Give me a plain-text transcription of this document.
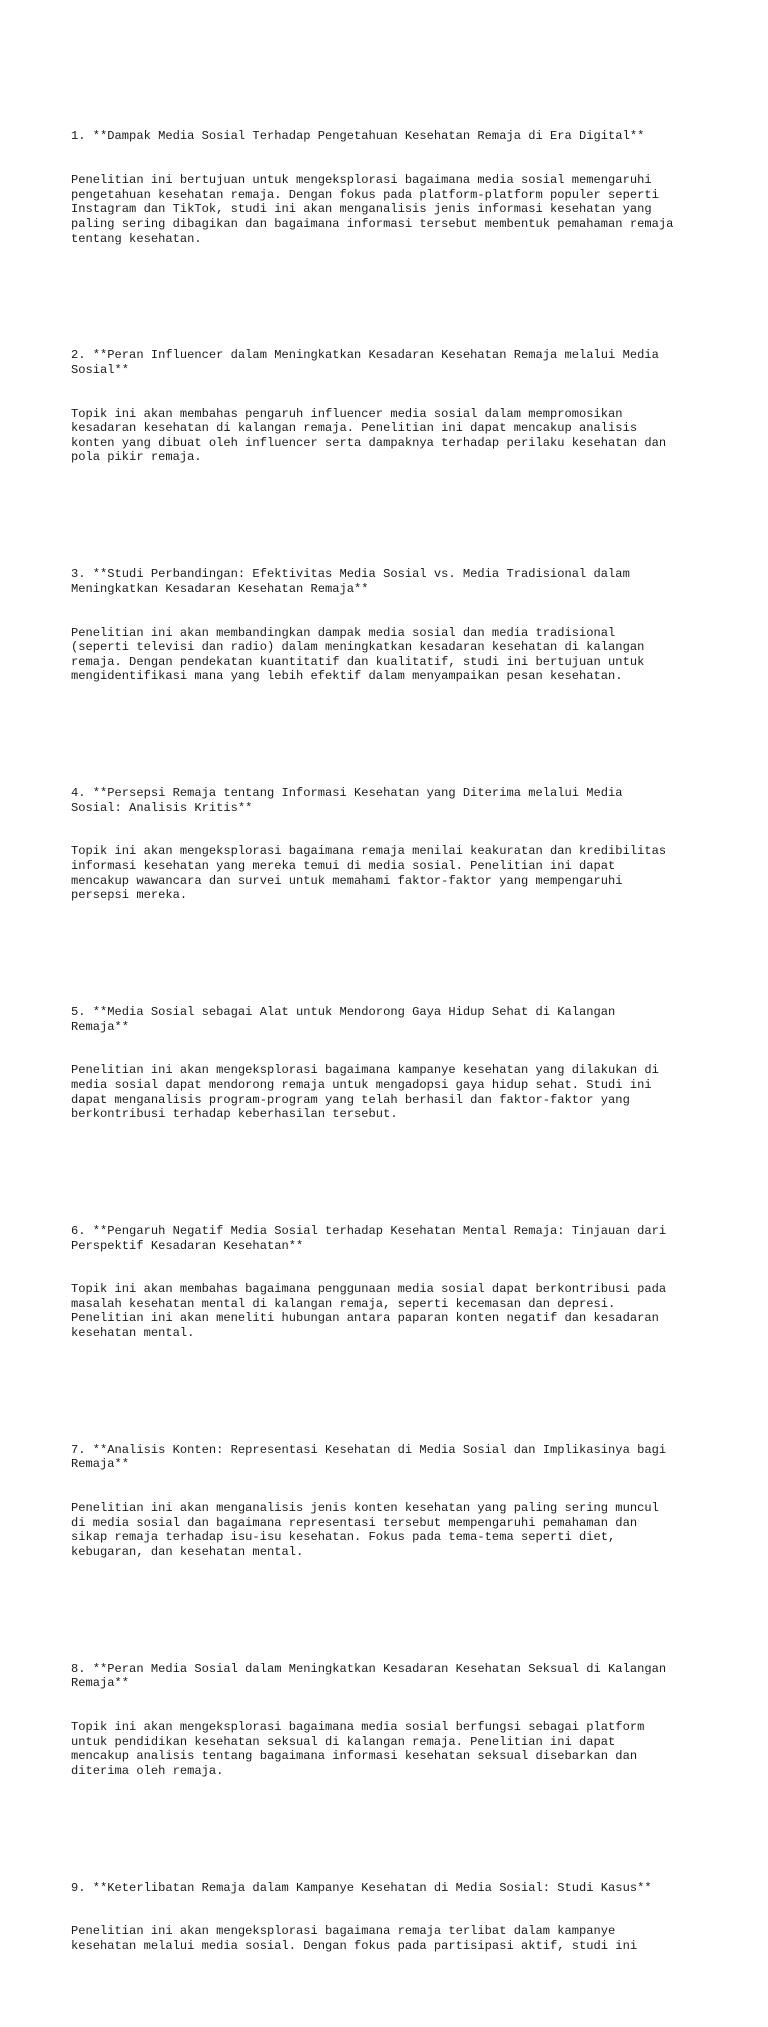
1. **Dampak Media Sosial Terhadap Pengetahuan Kesehatan Remaja di Era Digital**

Penelitian ini bertujuan untuk mengeksplorasi bagaimana media sosial memengaruhi
pengetahuan kesehatan remaja. Dengan fokus pada platform-platform populer seperti
Instagram dan TikTok, studi ini akan menganalisis jenis informasi kesehatan yang
paling sering dibagikan dan bagaimana informasi tersebut membentuk pemahaman remaja
tentang kesehatan.

2. **Peran Influencer dalam Meningkatkan Kesadaran Kesehatan Remaja melalui Media
Sosial**

Topik ini akan membahas pengaruh influencer media sosial dalam mempromosikan
kesadaran kesehatan di kalangan remaja. Penelitian ini dapat mencakup analisis
konten yang dibuat oleh influencer serta dampaknya terhadap perilaku kesehatan dan
pola pikir remaja.

3. **Studi Perbandingan: Efektivitas Media Sosial vs. Media Tradisional dalam
Meningkatkan Kesadaran Kesehatan Remaja**

Penelitian ini akan membandingkan dampak media sosial dan media tradisional
(seperti televisi dan radio) dalam meningkatkan kesadaran kesehatan di kalangan
remaja. Dengan pendekatan kuantitatif dan kualitatif, studi ini bertujuan untuk
mengidentifikasi mana yang lebih efektif dalam menyampaikan pesan kesehatan.

4. **Persepsi Remaja tentang Informasi Kesehatan yang Diterima melalui Media
Sosial: Analisis Kritis**

Topik ini akan mengeksplorasi bagaimana remaja menilai keakuratan dan kredibilitas
informasi kesehatan yang mereka temui di media sosial. Penelitian ini dapat
mencakup wawancara dan survei untuk memahami faktor-faktor yang mempengaruhi
persepsi mereka.

5. **Media Sosial sebagai Alat untuk Mendorong Gaya Hidup Sehat di Kalangan
Remaja**

Penelitian ini akan mengeksplorasi bagaimana kampanye kesehatan yang dilakukan di
media sosial dapat mendorong remaja untuk mengadopsi gaya hidup sehat. Studi ini
dapat menganalisis program-program yang telah berhasil dan faktor-faktor yang
berkontribusi terhadap keberhasilan tersebut.

6. **Pengaruh Negatif Media Sosial terhadap Kesehatan Mental Remaja: Tinjauan dari
Perspektif Kesadaran Kesehatan**

Topik ini akan membahas bagaimana penggunaan media sosial dapat berkontribusi pada
masalah kesehatan mental di kalangan remaja, seperti kecemasan dan depresi.
Penelitian ini akan meneliti hubungan antara paparan konten negatif dan kesadaran
kesehatan mental.

7. **Analisis Konten: Representasi Kesehatan di Media Sosial dan Implikasinya bagi
Remaja**

Penelitian ini akan menganalisis jenis konten kesehatan yang paling sering muncul
di media sosial dan bagaimana representasi tersebut mempengaruhi pemahaman dan
sikap remaja terhadap isu-isu kesehatan. Fokus pada tema-tema seperti diet,
kebugaran, dan kesehatan mental.

8. **Peran Media Sosial dalam Meningkatkan Kesadaran Kesehatan Seksual di Kalangan
Remaja**

Topik ini akan mengeksplorasi bagaimana media sosial berfungsi sebagai platform
untuk pendidikan kesehatan seksual di kalangan remaja. Penelitian ini dapat
mencakup analisis tentang bagaimana informasi kesehatan seksual disebarkan dan
diterima oleh remaja.

9. **Keterlibatan Remaja dalam Kampanye Kesehatan di Media Sosial: Studi Kasus**

Penelitian ini akan mengeksplorasi bagaimana remaja terlibat dalam kampanye
kesehatan melalui media sosial. Dengan fokus pada partisipasi aktif, studi ini
